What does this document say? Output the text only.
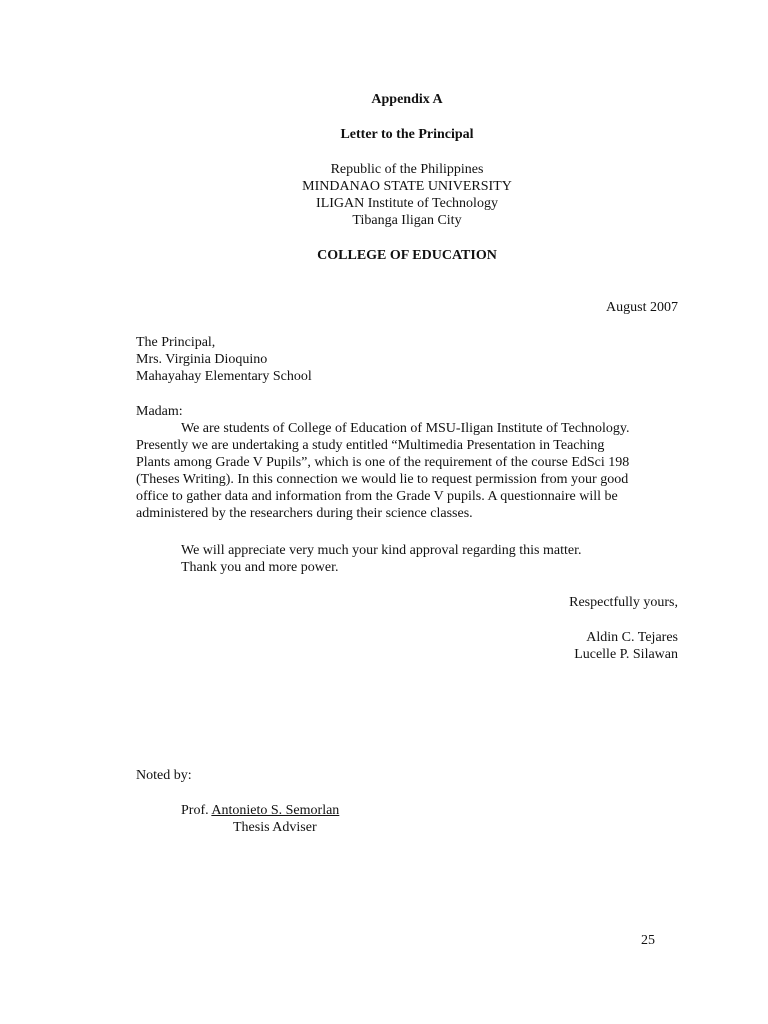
Appendix A
Letter to the Principal
Republic of the Philippines
MINDANAO STATE UNIVERSITY
ILIGAN Institute of Technology
Tibanga Iligan City
COLLEGE OF EDUCATION
August 2007
The Principal,
Mrs. Virginia Dioquino
Mahayahay Elementary School
Madam:
We are students of College of Education of MSU-Iligan Institute of Technology.
Presently we are undertaking a study entitled “Multimedia Presentation in Teaching
Plants among Grade V Pupils”, which is one of the requirement of the course EdSci 198
(Theses Writing). In this connection we would lie to request permission from your good
office to gather data and information from the Grade V pupils. A questionnaire will be
administered by the researchers during their science classes.
We will appreciate very much your kind approval regarding this matter.
Thank you and more power.
Respectfully yours,
Aldin C. Tejares
Lucelle P. Silawan
Noted by:
Prof. Antonieto S. Semorlan
Thesis Adviser
25
